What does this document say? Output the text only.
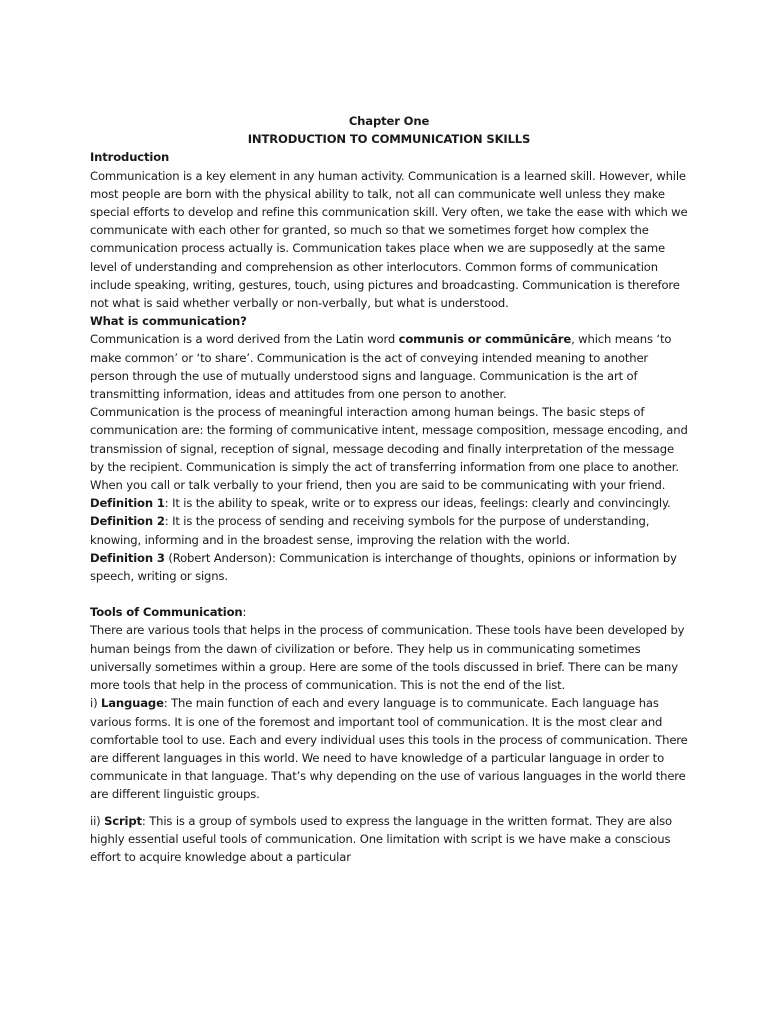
Chapter One
INTRODUCTION TO COMMUNICATION SKILLS
Introduction

Communication is a key element in any human activity. Communication is a learned skill. However, while most people are born with the physical ability to talk, not all can communicate well unless they make special efforts to develop and refine this communication skill. Very often, we take the ease with which we communicate with each other for granted, so much so that we sometimes forget how complex the communication process actually is. Communication takes place when we are supposedly at the same level of understanding and comprehension as other interlocutors. Common forms of communication include speaking, writing, gestures, touch, using pictures and broadcasting. Communication is therefore not what is said whether verbally or non-verbally, but what is understood.

What is communication?

Communication is a word derived from the Latin word communis or commūnicāre, which means ‘to make common’ or ‘to share’. Communication is the act of conveying intended meaning to another person through the use of mutually understood signs and language. Communication is the art of transmitting information, ideas and attitudes from one person to another.

Communication is the process of meaningful interaction among human beings. The basic steps of communication are: the forming of communicative intent, message composition, message encoding, and transmission of signal, reception of signal, message decoding and finally interpretation of the message by the recipient. Communication is simply the act of transferring information from one place to another. When you call or talk verbally to your friend, then you are said to be communicating with your friend. Definition 1: It is the ability to speak, write or to express our ideas, feelings: clearly and convincingly.

Definition 2: It is the process of sending and receiving symbols for the purpose of understanding, knowing, informing and in the broadest sense, improving the relation with the world.

Definition 3 (Robert Anderson): Communication is interchange of thoughts, opinions or information by speech, writing or signs.

Tools of Communication:

There are various tools that helps in the process of communication. These tools have been developed by human beings from the dawn of civilization or before. They help us in communicating sometimes universally sometimes within a group. Here are some of the tools discussed in brief. There can be many more tools that help in the process of communication. This is not the end of the list.

i) Language: The main function of each and every language is to communicate. Each language has various forms. It is one of the foremost and important tool of communication. It is the most clear and comfortable tool to use. Each and every individual uses this tools in the process of communication. There are different languages in this world. We need to have knowledge of a particular language in order to communicate in that language. That’s why depending on the use of various languages in the world there are different linguistic groups.

ii) Script: This is a group of symbols used to express the language in the written format. They are also highly essential useful tools of communication. One limitation with script is we have make a conscious effort to acquire knowledge about a particular
